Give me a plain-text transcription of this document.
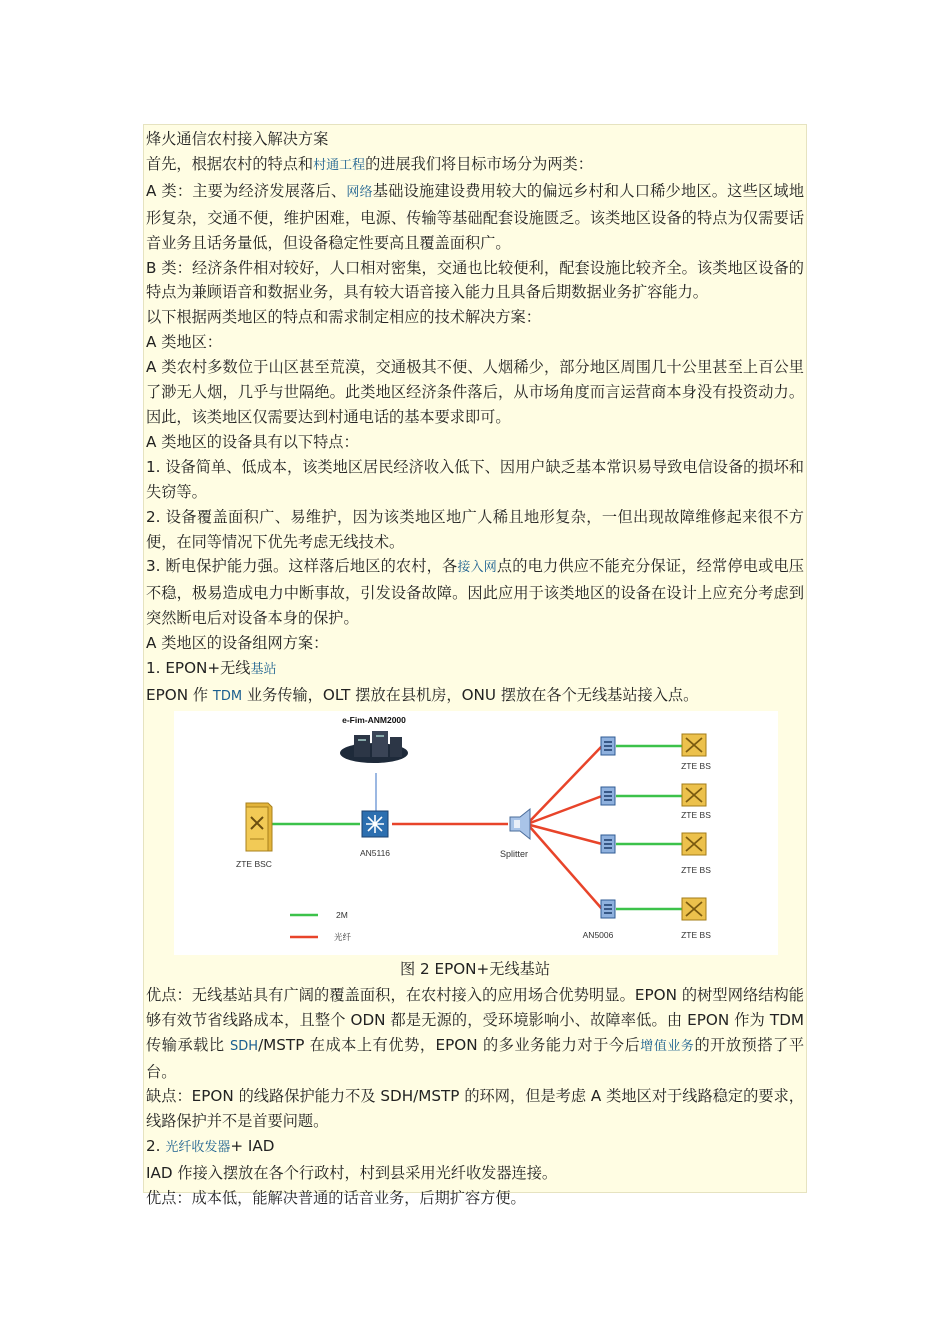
烽火通信农村接入解决方案

首先，根据农村的特点和村通工程的进展我们将目标市场分为两类：

A 类：主要为经济发展落后、网络基础设施建设费用较大的偏远乡村和人口稀少地区。这些区域地形复杂，交通不便，维护困难，电源、传输等基础配套设施匮乏。该类地区设备的特点为仅需要话音业务且话务量低，但设备稳定性要高且覆盖面积广。

B 类：经济条件相对较好，人口相对密集，交通也比较便利，配套设施比较齐全。该类地区设备的特点为兼顾语音和数据业务，具有较大语音接入能力且具备后期数据业务扩容能力。

以下根据两类地区的特点和需求制定相应的技术解决方案：

A 类地区：

A 类农村多数位于山区甚至荒漠，交通极其不便、人烟稀少，部分地区周围几十公里甚至上百公里了渺无人烟，几乎与世隔绝。此类地区经济条件落后，从市场角度而言运营商本身没有投资动力。因此，该类地区仅需要达到村通电话的基本要求即可。

A 类地区的设备具有以下特点：

1. 设备简单、低成本，该类地区居民经济收入低下、因用户缺乏基本常识易导致电信设备的损坏和失窃等。

2. 设备覆盖面积广、易维护，因为该类地区地广人稀且地形复杂，一但出现故障维修起来很不方便，在同等情况下优先考虑无线技术。

3. 断电保护能力强。这样落后地区的农村，各接入网点的电力供应不能充分保证，经常停电或电压不稳，极易造成电力中断事故，引发设备故障。因此应用于该类地区的设备在设计上应充分考虑到突然断电后对设备本身的保护。

A 类地区的设备组网方案：

1. EPON+无线基站

EPON 作 TDM 业务传输，OLT 摆放在县机房，ONU 摆放在各个无线基站接入点。

e-Fim-ANM2000
ZTE BSC
AN5116	Splitter
AN5006
ZTE BS
ZTE BS
ZTE BS
ZTE BS
2M
光纤

图 2 EPON+无线基站

优点：无线基站具有广阔的覆盖面积，在农村接入的应用场合优势明显。EPON 的树型网络结构能够有效节省线路成本，且整个 ODN 都是无源的，受环境影响小、故障率低。由 EPON 作为 TDM 传输承载比 SDH/MSTP 在成本上有优势，EPON 的多业务能力对于今后增值业务的开放预搭了平台。

缺点：EPON 的线路保护能力不及 SDH/MSTP 的环网，但是考虑 A 类地区对于线路稳定的要求，线路保护并不是首要问题。

2. 光纤收发器+ IAD

IAD 作接入摆放在各个行政村，村到县采用光纤收发器连接。

优点：成本低，能解决普通的话音业务，后期扩容方便。
